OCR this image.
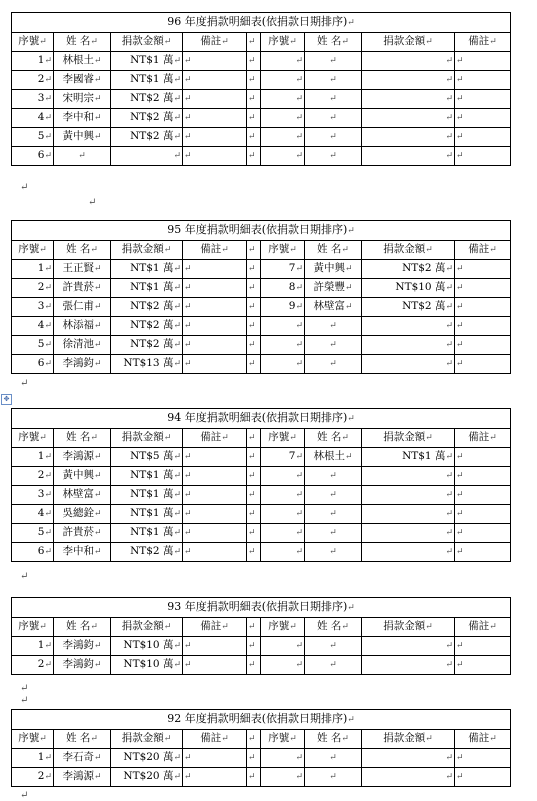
✥
96 年度捐款明細表(依捐款日期排序)↵								
序號↵	姓 名↵	捐款金額↵	備註↵	↵	序號↵	姓 名↵	捐款金額↵	備註↵
1↵	林根土↵	NT$1 萬↵	↵	↵	↵	↵	↵	↵
2↵	李國睿↵	NT$1 萬↵	↵	↵	↵	↵	↵	↵
3↵	宋明宗↵	NT$2 萬↵	↵	↵	↵	↵	↵	↵
4↵	李中和↵	NT$2 萬↵	↵	↵	↵	↵	↵	↵
5↵	黃中興↵	NT$2 萬↵	↵	↵	↵	↵	↵	↵
6↵	↵	↵	↵	↵	↵	↵	↵	↵
95 年度捐款明細表(依捐款日期排序)↵								
序號↵	姓 名↵	捐款金額↵	備註↵	↵	序號↵	姓 名↵	捐款金額↵	備註↵
1↵	王正賢↵	NT$1 萬↵	↵	↵	7↵	黃中興↵	NT$2 萬↵	↵
2↵	許貴菸↵	NT$1 萬↵	↵	↵	8↵	許榮豐↵	NT$10 萬↵	↵
3↵	張仁甫↵	NT$2 萬↵	↵	↵	9↵	林壁富↵	NT$2 萬↵	↵
4↵	林添福↵	NT$2 萬↵	↵	↵	↵	↵	↵	↵
5↵	徐清池↵	NT$2 萬↵	↵	↵	↵	↵	↵	↵
6↵	李鴻鈞↵	NT$13 萬↵	↵	↵	↵	↵	↵	↵
94 年度捐款明細表(依捐款日期排序)↵								
序號↵	姓 名↵	捐款金額↵	備註↵	↵	序號↵	姓 名↵	捐款金額↵	備註↵
1↵	李鴻源↵	NT$5 萬↵	↵	↵	7↵	林根土↵	NT$1 萬↵	↵
2↵	黃中興↵	NT$1 萬↵	↵	↵	↵	↵	↵	↵
3↵	林壁富↵	NT$1 萬↵	↵	↵	↵	↵	↵	↵
4↵	吳總銓↵	NT$1 萬↵	↵	↵	↵	↵	↵	↵
5↵	許貴菸↵	NT$1 萬↵	↵	↵	↵	↵	↵	↵
6↵	李中和↵	NT$2 萬↵	↵	↵	↵	↵	↵	↵
93 年度捐款明細表(依捐款日期排序)↵								
序號↵	姓 名↵	捐款金額↵	備註↵	↵	序號↵	姓 名↵	捐款金額↵	備註↵
1↵	李鴻鈞↵	NT$10 萬↵	↵	↵	↵	↵	↵	↵
2↵	李鴻鈞↵	NT$10 萬↵	↵	↵	↵	↵	↵	↵
92 年度捐款明細表(依捐款日期排序)↵								
序號↵	姓 名↵	捐款金額↵	備註↵	↵	序號↵	姓 名↵	捐款金額↵	備註↵
1↵	李石奇↵	NT$20 萬↵	↵	↵	↵	↵	↵	↵
2↵	李鴻源↵	NT$20 萬↵	↵	↵	↵	↵	↵	↵
↵
↵
↵
↵
↵
↵
↵
